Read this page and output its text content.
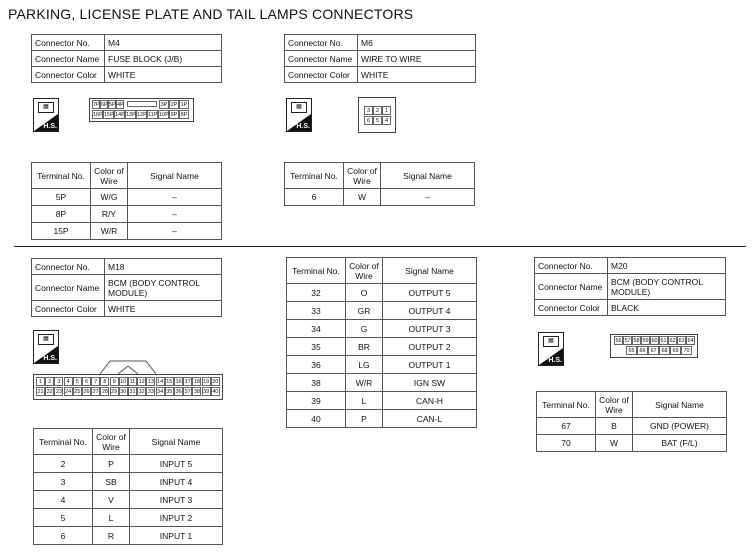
PARKING, LICENSE PLATE AND TAIL LAMPS CONNECTORS
Connector No.	M4
Connector Name	FUSE BLOCK (J/B)
Connector Color	WHITE
▦
H.S.
7P 6P 5P 4P	3P 2P 1P
16P 15P 14P 13P 12P 11P 10P 9P 8P
Terminal No.	Color of Wire	Signal Name
5P	W/G	–
8P	R/Y	–
15P	W/R	–
Connector No.	M6
Connector Name	WIRE TO WIRE
Connector Color	WHITE
▦
H.S.
3	2	1
6	5	4
Terminal No.	Color of Wire	Signal Name
6	W	–
Connector No.	M18
Connector Name	BCM (BODY CONTROL MODULE)
Connector Color	WHITE
▦
H.S.
1	2	3	4	5	6	7	8	9 10 11 12 13 14 15 16 17 18 19 20
21 22 23 24 25 26 27 28 29 30 31 32 33 34 35 36 37 38 39 40
Terminal No.	Color of Wire	Signal Name
2	P	INPUT 5
3	SB	INPUT 4
4	V	INPUT 3
5	L	INPUT 2
6	R	INPUT 1
Terminal No.	Color of Wire	Signal Name
32	O	OUTPUT 5
33	GR	OUTPUT 4
34	G	OUTPUT 3
35	BR	OUTPUT 2
36	LG	OUTPUT 1
38	W/R	IGN SW
39	L	CAN-H
40	P	CAN-L
Connector No.	M20
Connector Name	BCM (BODY CONTROL MODULE)
Connector Color	BLACK
▦
H.S.
56 57 58 59 60 61 62 63 64
65 66 67 68 69 70
Terminal No.	Color of Wire	Signal Name
67	B	GND (POWER)
70	W	BAT (F/L)
